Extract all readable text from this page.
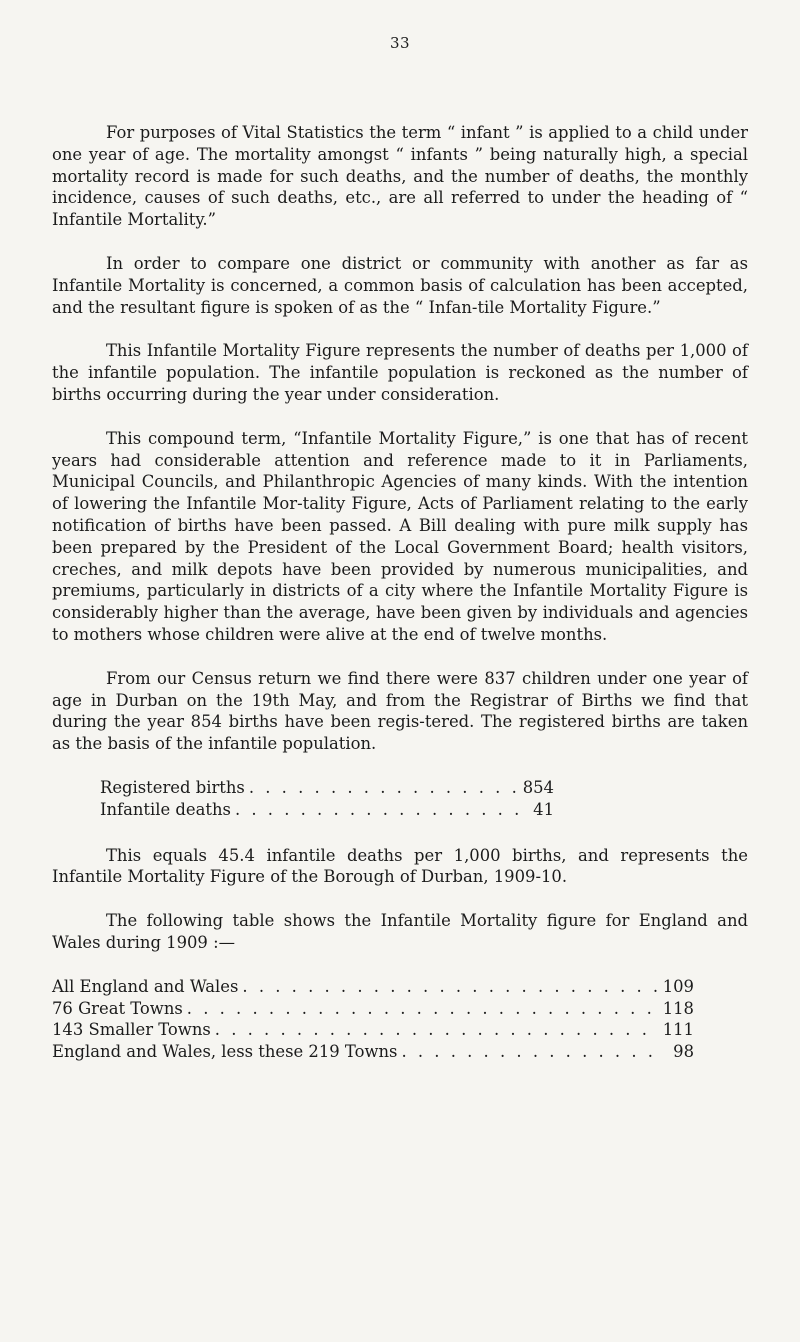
33

For purposes of Vital Statistics the term “ infant ” is applied to a child under one year of age. The mortality amongst “ infants ” being naturally high, a special mortality record is made for such deaths, and the number of deaths, the monthly incidence, causes of such deaths, etc., are all referred to under the heading of “ Infantile Mortality.”

In order to compare one district or community with another as far as Infantile Mortality is concerned, a common basis of calculation has been accepted, and the resultant figure is spoken of as the “ Infan-tile Mortality Figure.”

This Infantile Mortality Figure represents the number of deaths per 1,000 of the infantile population. The infantile population is reckoned as the number of births occurring during the year under consideration.

This compound term, “Infantile Mortality Figure,” is one that has of recent years had considerable attention and reference made to it in Parliaments, Municipal Councils, and Philanthropic Agencies of many kinds. With the intention of lowering the Infantile Mor-tality Figure, Acts of Parliament relating to the early notification of births have been passed. A Bill dealing with pure milk supply has been prepared by the President of the Local Government Board; health visitors, creches, and milk depots have been provided by numerous municipalities, and premiums, particularly in districts of a city where the Infantile Mortality Figure is considerably higher than the average, have been given by individuals and agencies to mothers whose children were alive at the end of twelve months.

From our Census return we find there were 837 children under one year of age in Durban on the 19th May, and from the Registrar of Births we find that during the year 854 births have been regis-tered. The registered births are taken as the basis of the infantile population.

Registered births . . .	854
Infantile deaths . . .	41

This equals 45.4 infantile deaths per 1,000 births, and represents the Infantile Mortality Figure of the Borough of Durban, 1909-10.

The following table shows the Infantile Mortality figure for England and Wales during 1909 :—

All England and Wales . . .	109
76 Great Towns . . .	118
143 Smaller Towns . . .	111
England and Wales, less these 219 Towns . . .	98
